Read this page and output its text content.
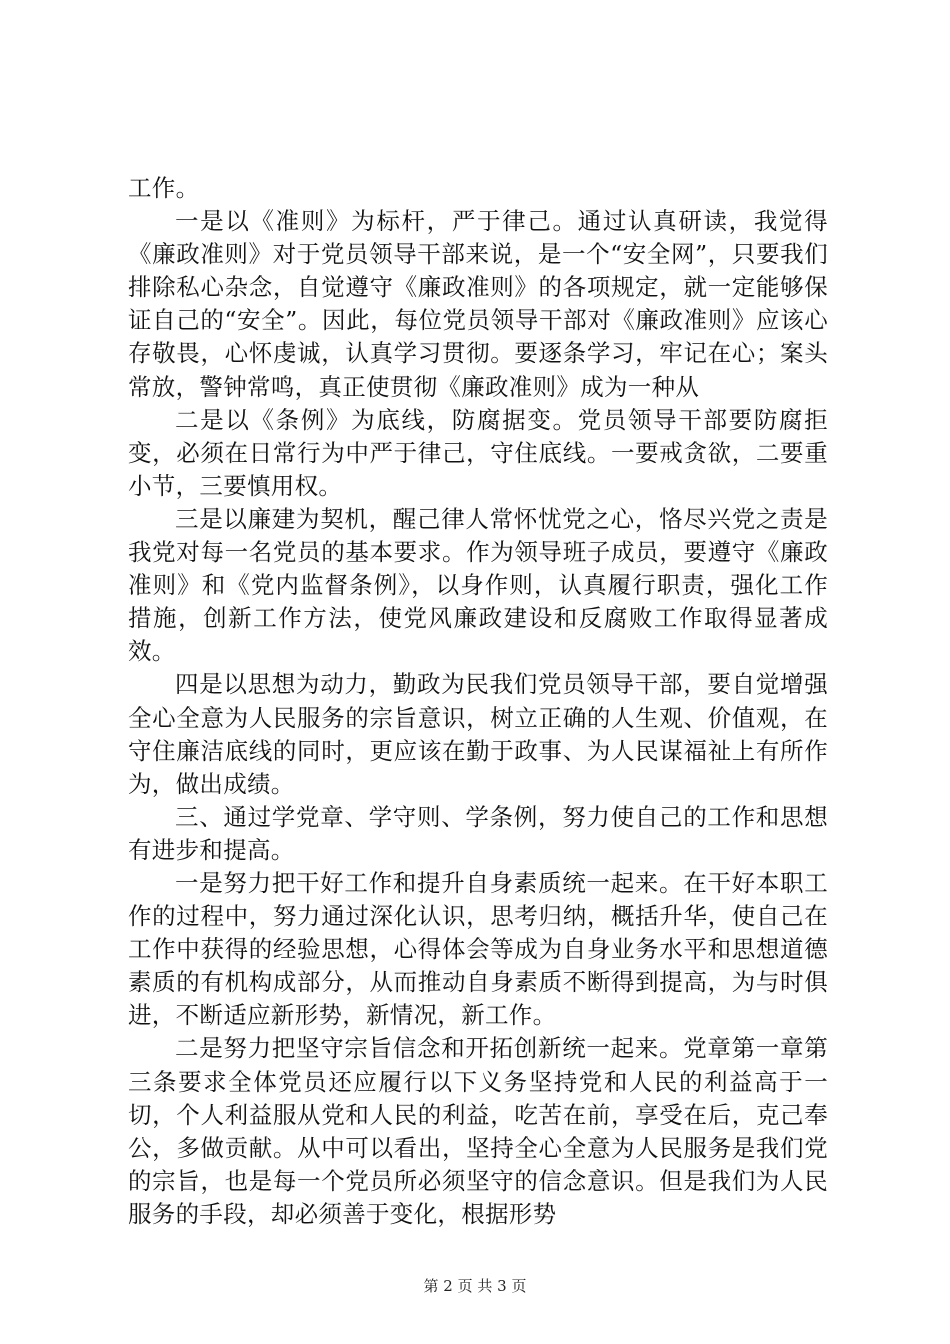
工作。

一是以《准则》为标杆，严于律己。通过认真研读，我觉得《廉政准则》对于党员领导干部来说，是一个“安全网”，只要我们排除私心杂念，自觉遵守《廉政准则》的各项规定，就一定能够保证自己的“安全”。因此，每位党员领导干部对《廉政准则》应该心存敬畏，心怀虔诚，认真学习贯彻。要逐条学习，牢记在心；案头常放，警钟常鸣，真正使贯彻《廉政准则》成为一种从

二是以《条例》为底线，防腐据变。党员领导干部要防腐拒变，必须在日常行为中严于律己，守住底线。一要戒贪欲，二要重小节，三要慎用权。

三是以廉建为契机，醒己律人常怀忧党之心，恪尽兴党之责是我党对每一名党员的基本要求。作为领导班子成员，要遵守《廉政准则》和《党内监督条例》，以身作则，认真履行职责，强化工作措施，创新工作方法，使党风廉政建设和反腐败工作取得显著成效。

四是以思想为动力，勤政为民我们党员领导干部，要自觉增强全心全意为人民服务的宗旨意识，树立正确的人生观、价值观，在守住廉洁底线的同时，更应该在勤于政事、为人民谋福祉上有所作为，做出成绩。

三、通过学党章、学守则、学条例，努力使自己的工作和思想有进步和提高。

一是努力把干好工作和提升自身素质统一起来。在干好本职工作的过程中，努力通过深化认识，思考归纳，概括升华，使自己在工作中获得的经验思想，心得体会等成为自身业务水平和思想道德素质的有机构成部分，从而推动自身素质不断得到提高，为与时俱进，不断适应新形势，新情况，新工作。

二是努力把坚守宗旨信念和开拓创新统一起来。党章第一章第三条要求全体党员还应履行以下义务坚持党和人民的利益高于一切，个人利益服从党和人民的利益，吃苦在前，享受在后，克己奉公，多做贡献。从中可以看出，坚持全心全意为人民服务是我们党的宗旨，也是每一个党员所必须坚守的信念意识。但是我们为人民服务的手段，却必须善于变化，根据形势

第 2 页 共 3 页
